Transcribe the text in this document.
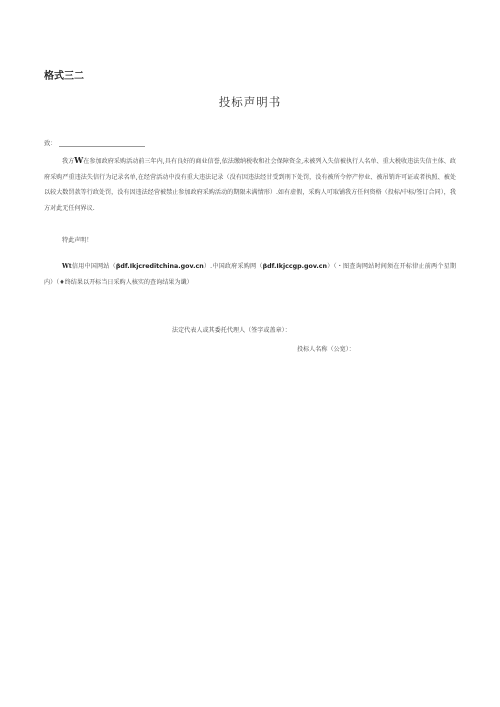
格式三二
投标声明书
致：
我方W在参加政府采购活动前三年内,具有良好的商业信誉,依法缴纳税收和社会保障资金,未被列入失信被执行人名单、重大税收违法失信主体、政府采购严重违法失信行为记录名单,在经营活动中没有重大违法记录（没有因违法经甘受到刑下处罚，没有被所令停产停业、被吊销许可证或者执照、被处以较大数罚款等行政处罚，没有因违法经营被禁止参加政府采购活动的期限未满情形）.如有虚假，采购人可取铺我方任何资格（投标/中标/签订合同），我方对此无任何界议.
特此声明！
Wt信用中国网站（βdf.Ikjcreditchina.gov.cn）.中国政府采购网（βdf.Ikjccgp.gov.cn）（・图查询网站时间须在开标律止前两个星期内）（♦终结果以开标当日采购人核实的查询结果为谶）
法定代表人或其委托代理人（签字或盖章）：
投标人名称（公宽）：
